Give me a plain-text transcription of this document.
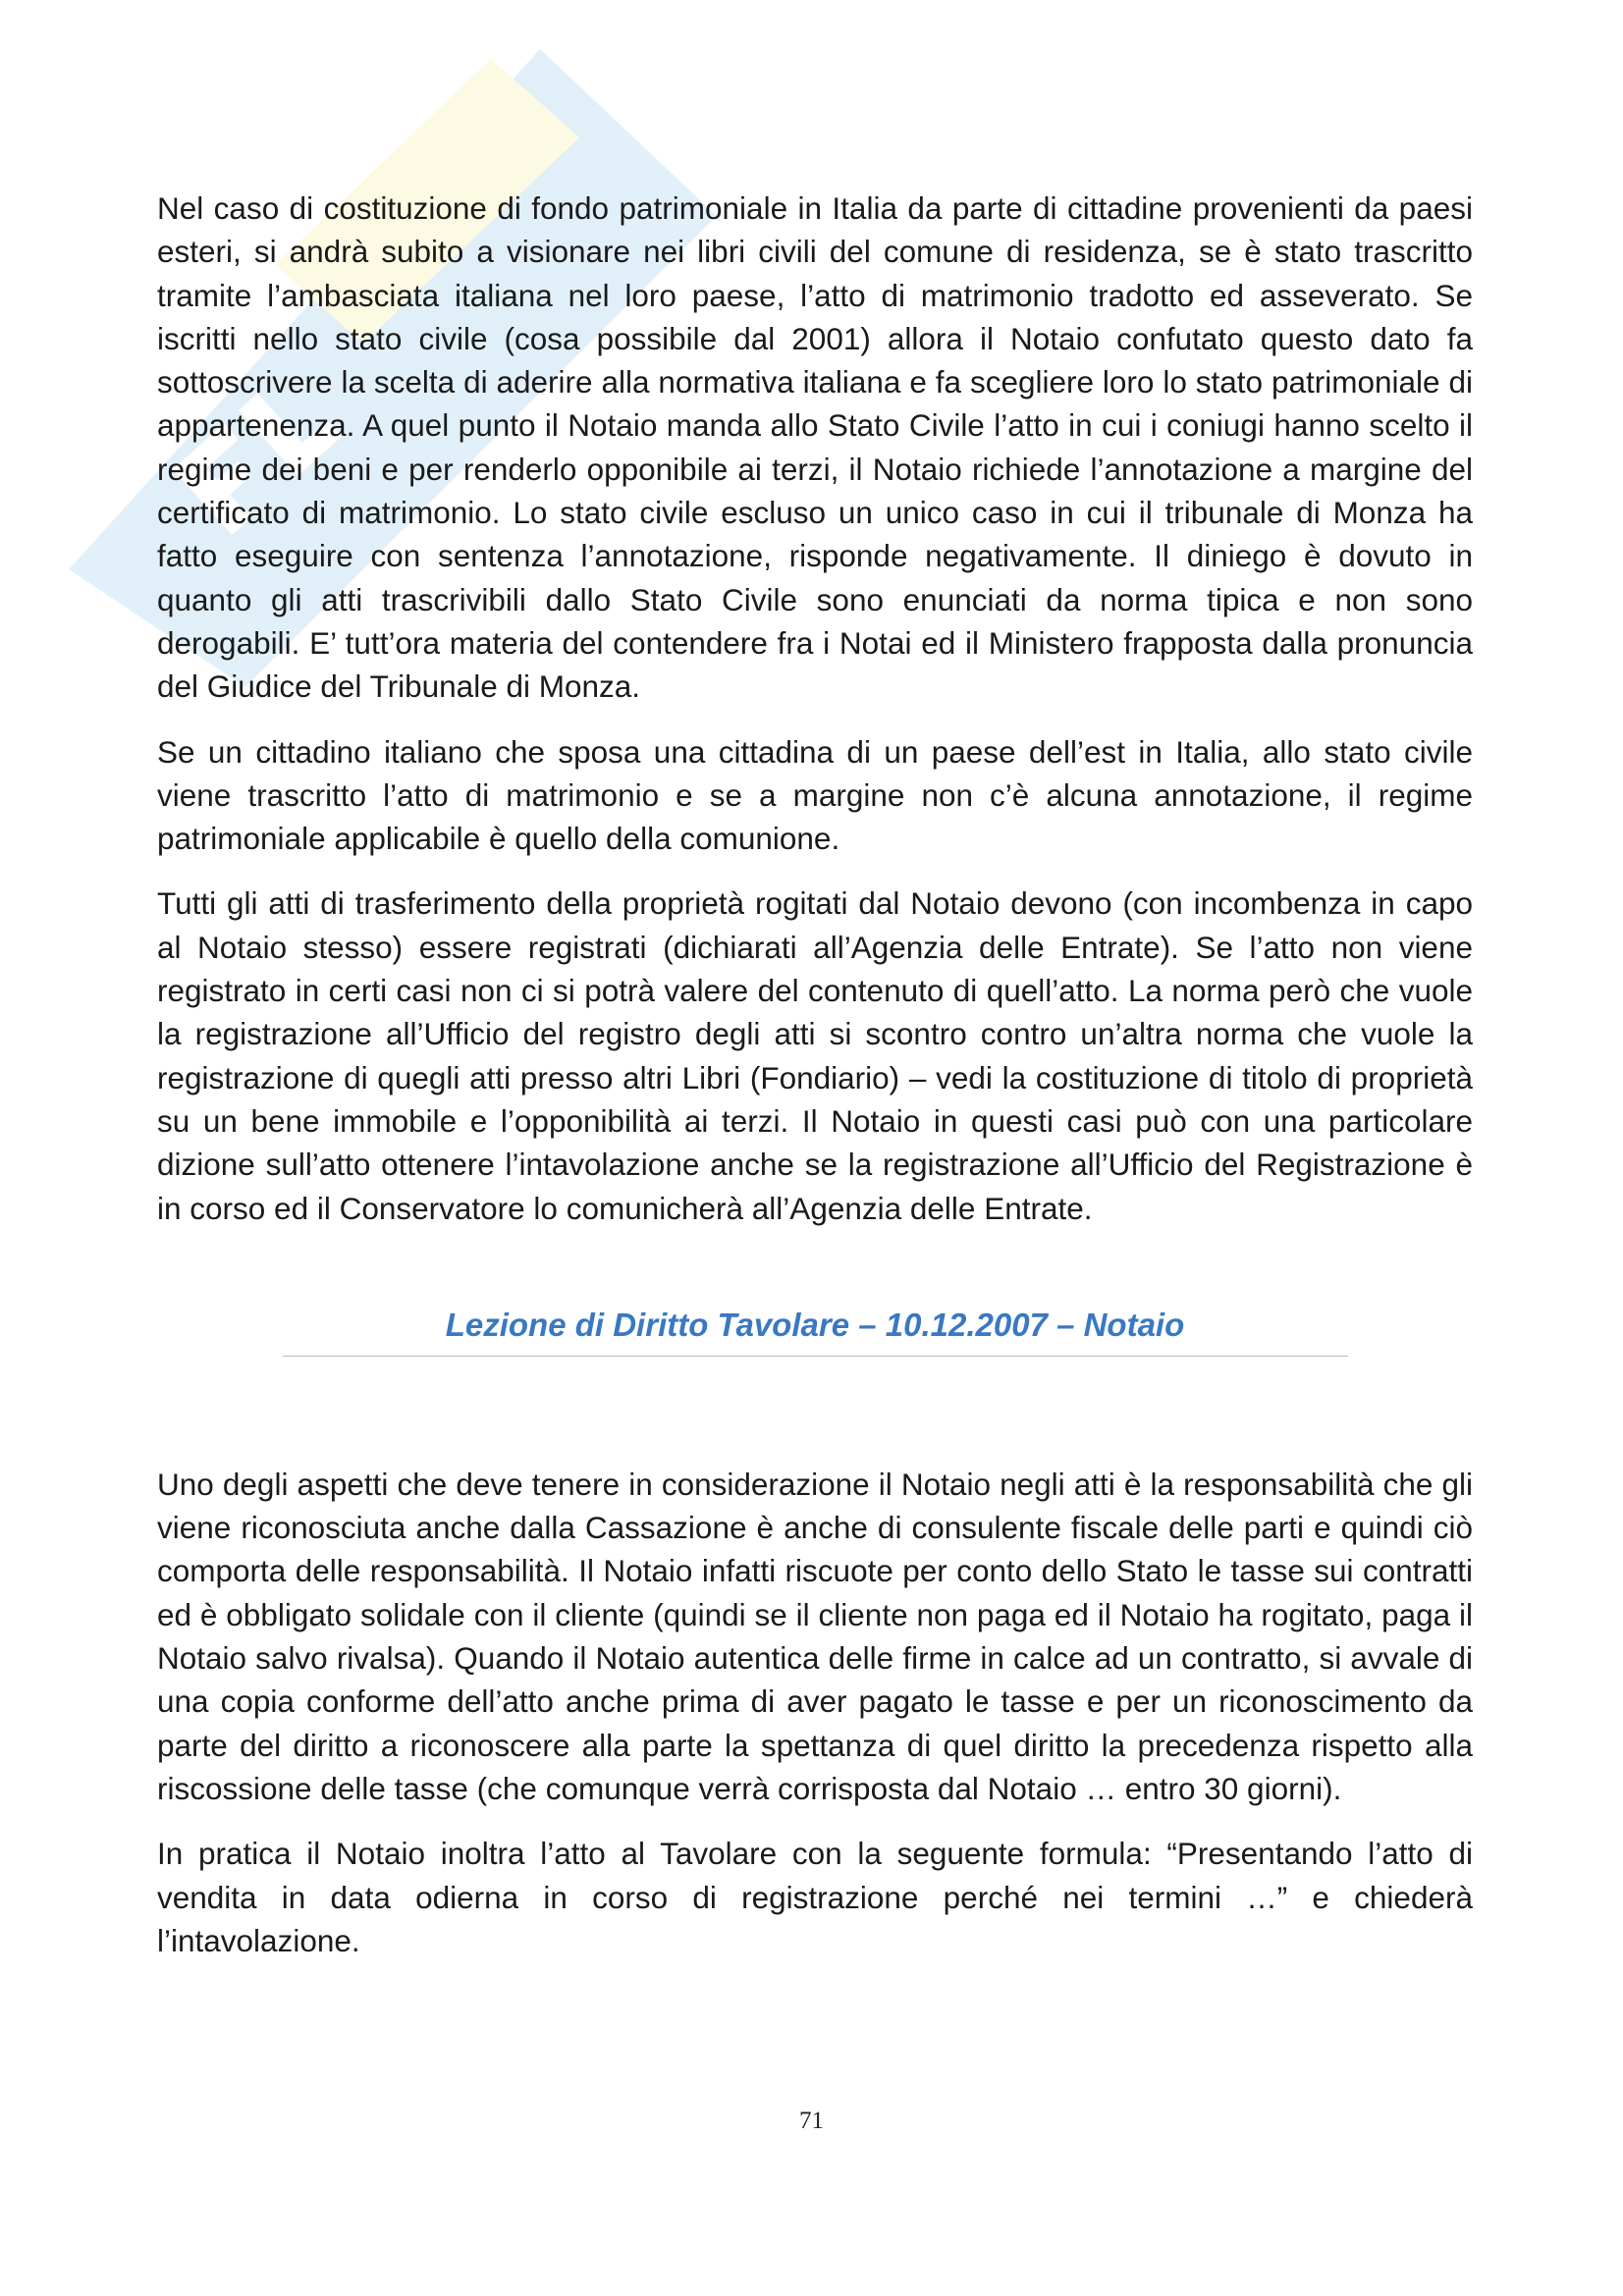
Nel caso di costituzione di fondo patrimoniale in Italia da parte di cittadine provenienti da paesi esteri, si andrà subito a visionare nei libri civili del comune di residenza, se è stato trascritto tramite l’ambasciata italiana nel loro paese, l’atto di matrimonio tradotto ed asseverato. Se iscritti nello stato civile (cosa possibile dal 2001) allora il Notaio confutato questo dato fa sottoscrivere la scelta di aderire alla normativa italiana e fa scegliere loro lo stato patrimoniale di appartenenza. A quel punto il Notaio manda allo Stato Civile l’atto in cui i coniugi hanno scelto il regime dei beni e per renderlo opponibile ai terzi, il Notaio richiede l’annotazione a margine del certificato di matrimonio. Lo stato civile escluso un unico caso in cui il tribunale di Monza ha fatto eseguire con sentenza l’annotazione, risponde negativamente. Il diniego è dovuto in quanto gli atti trascrivibili dallo Stato Civile sono enunciati da norma tipica e non sono derogabili. E’ tutt’ora materia del contendere fra i Notai ed il Ministero frapposta dalla pronuncia del Giudice del Tribunale di Monza.

Se un cittadino italiano che sposa una cittadina di un paese dell’est in Italia, allo stato civile viene trascritto l’atto di matrimonio e se a margine non c’è alcuna annotazione, il regime patrimoniale applicabile è quello della comunione.

Tutti gli atti di trasferimento della proprietà rogitati dal Notaio devono (con incombenza in capo al Notaio stesso) essere registrati (dichiarati all’Agenzia delle Entrate). Se l’atto non viene registrato in certi casi non ci si potrà valere del contenuto di quell’atto. La norma però che vuole la registrazione all’Ufficio del registro degli atti si scontro contro un’altra norma che vuole la registrazione di quegli atti presso altri Libri (Fondiario) – vedi la costituzione di titolo di proprietà su un bene immobile e l’opponibilità ai terzi. Il Notaio in questi casi può con una particolare dizione sull’atto ottenere l’intavolazione anche se la registrazione all’Ufficio del Registrazione è in corso ed il Conservatore lo comunicherà all’Agenzia delle Entrate.

Lezione di Diritto Tavolare – 10.12.2007 – Notaio

Uno degli aspetti che deve tenere in considerazione il Notaio negli atti è la responsabilità che gli viene riconosciuta anche dalla Cassazione è anche di consulente fiscale delle parti e quindi ciò comporta delle responsabilità. Il Notaio infatti riscuote per conto dello Stato le tasse sui contratti ed è obbligato solidale con il cliente (quindi se il cliente non paga ed il Notaio ha rogitato, paga il Notaio salvo rivalsa). Quando il Notaio autentica delle firme in calce ad un contratto, si avvale di una copia conforme dell’atto anche prima di aver pagato le tasse e per un riconoscimento da parte del diritto a riconoscere alla parte la spettanza di quel diritto la precedenza rispetto alla riscossione delle tasse (che comunque verrà corrisposta dal Notaio … entro 30 giorni).

In pratica il Notaio inoltra l’atto al Tavolare con la seguente formula: “Presentando l’atto di vendita in data odierna in corso di registrazione perché nei termini …” e chiederà l’intavolazione.

71
